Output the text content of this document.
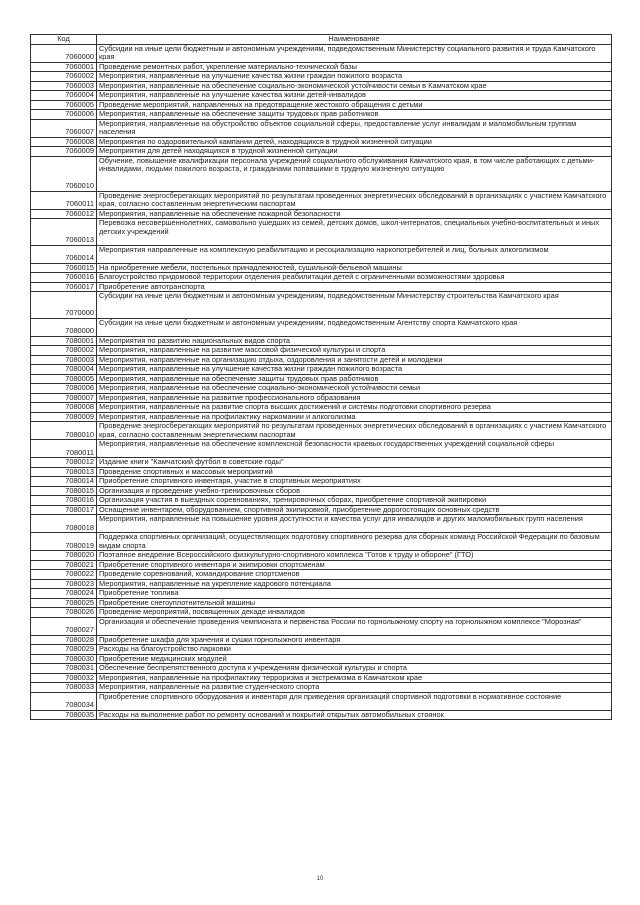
Код	Наименование
7060000	Субсидии на иные цели бюджетным и автономным учреждениям, подведомственным Министерству социального развития и труда Камчатского края
7060001	Проведение ремонтных работ, укрепление материально-технической базы
7060002	Мероприятия, направленные на улучшение качества жизни граждан пожилого возраста
7060003	Мероприятия, направленные на обеспечение социально-экономической устойчивости семьи в Камчатском крае
7060004	Мероприятия, направленные на улучшение качества жизни детей-инвалидов
7060005	Проведение мероприятий, направленных на предотвращение жестокого обращения с детьми
7060006	Мероприятия, направленные на обеспечение защиты трудовых прав работников
7060007	Мероприятия, направленные на обустройство объектов социальной сферы, предоставление услуг инвалидам и маломобильным группам населения
7060008	Мероприятия по оздоровительной кампании детей, находящихся в трудной жизненной ситуации
7060009	Мероприятия для детей находящихся в трудной жизненной ситуации
7060010	Обучение, повышение квалификации персонала учреждений социального обслуживания Камчатского края, в том числе работающих с детьми-инвалидами, людьми пожилого возраста, и гражданами попавшими в трудную жизненную ситуацию
7060011	Проведение энергосберегающих мероприятий по результатам проведенных энергетических обследований в организациях с участием Камчатского края, согласно составленным энергетическим паспортам
7060012	Мероприятия, направленные на обеспечение пожарной безопасности
7060013	Перевозка несовершеннолетних, самовольно ушедших из семей, детских домов, школ-интернатов, специальных учебно-воспитательных и иных детских учреждений
7060014	Мероприятия направленные на комплексную реабилитацию и ресоциализацию наркопотребителей и лиц, больных алкоголизмом
7060015	На приобретение мебели, постельных принадлежностей, сушильной-бельевой машины
7060016	Благоустройство придомовой территории отделения реабилитации детей с ограниченными возможностями здоровья
7060017	Приобретение автотранспорта
7070000	Субсидии на иные цели бюджетным и автономным учреждениям, подведомственным Министерству строительства Камчатского края
7080000	Субсидии на иные цели бюджетным и автономным учреждениям, подведомственным Агентству спорта Камчатского края
7080001	Мероприятия по развитию национальных видов спорта
7080002	Мероприятия, направленные на развитие массовой физической культуры и спорта
7080003	Мероприятия, направленные на организацию отдыха, оздоровления и занятости детей и молодежи
7080004	Мероприятия, направленные на улучшение качества жизни граждан пожилого возраста
7080005	Мероприятия, направленные на обеспечение защиты трудовых прав работников
7080006	Мероприятия, направленные на обеспечение социально-экономической устойчивости семьи
7080007	Мероприятия, направленные на развитие профессионального образования
7080008	Мероприятия, направленные на развитие спорта высших достижений и системы подготовки спортивного резерва
7080009	Мероприятия, направленные на профилактику наркомании и алкоголизма
7080010	Проведение энергосберегающих мероприятий по результатам проведенных энергетических обследований в организациях с участием Камчатского края, согласно составленным энергетическим паспортам
7080011	Мероприятия, направленные на обеспечение комплексной безопасности краевых государственных учреждений социальной сферы
7080012	Издание книги "Камчатский футбол в советские годы"
7080013	Проведение спортивных и массовых мероприятий
7080014	Приобретение спортивного инвентаря, участие в спортивных мероприятиях
7080015	Организация и проведение учебно-тренировочных сборов
7080016	Организация участия в выездных соревнованиях, тренировочных сборах, приобретение спортивной экипировки
7080017	Оснащение инвентарем, оборудованием, спортивной экипировкой, приобретение дорогостоящих основных средств
7080018	Мероприятия, направленные на повышение уровня доступности и качества услуг для инвалидов и других маломобильных групп населения
7080019	Поддержка спортивных организаций, осуществляющих подготовку спортивного резерва для сборных команд Российской Федерации по базовым видам спорта
7080020	Поэтапное внедрение Всероссийского физкультурно-спортивного комплекса "Готов к труду и обороне" (ГТО)
7080021	Приобретение спортивного инвентаря и экипировки спортсменам
7080022	Проведение соревнований, командирование спортсменов
7080023	Мероприятия, направленные на укрепление кадрового потенциала
7080024	Приобретение топлива
7080025	Приобретение снегоуплотнительной машины
7080026	Проведение мероприятий, посвященных декаде инвалидов
7080027	Организация и обеспечение проведения чемпионата и первенства России по горнолыжному спорту на горнолыжном комплексе "Морозная"
7080028	Приобретение шкафа для хранения и сушки горнолыжного инвентаря
7080029	Расходы на благоустройство парковки
7080030	Приобретение медицинских модулей
7080031	Обеспечение беспрепятственного доступа к учреждениям физической культуры и спорта
7080032	Мероприятия, направленные на профилактику терроризма и экстремизма в Камчатском крае
7080033	Мероприятия, направленные на развитие студенческого спорта
7080034	Приобретение спортивного оборудования и инвентаря для приведения организаций спортивной подготовки в нормативное состояние
7080035	Расходы на выполнение работ по ремонту оснований и покрытий открытых автомобильных стоянок
10
